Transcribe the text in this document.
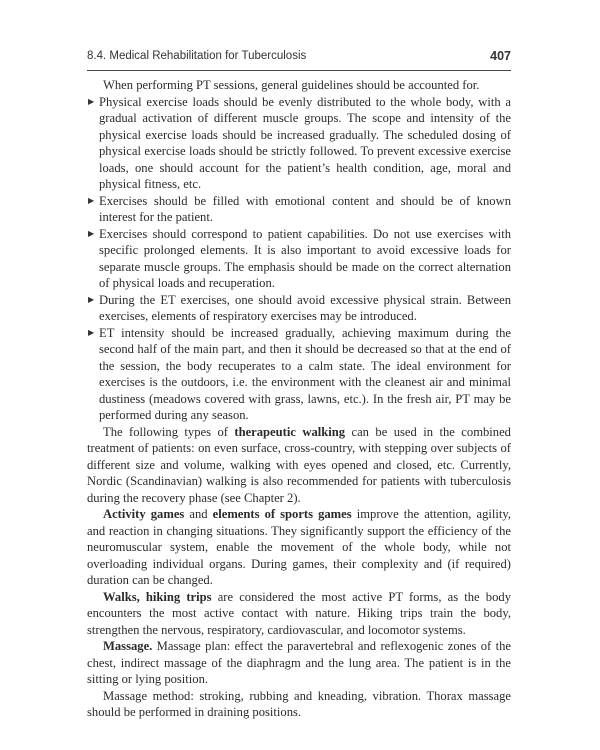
8.4. Medical Rehabilitation for Tuberculosis	407

When performing PT sessions, general guidelines should be accounted for.

▶ Physical exercise loads should be evenly distributed to the whole body, with a gradual activation of different muscle groups. The scope and intensity of the physical exercise loads should be increased gradually. The scheduled dosing of physical exercise loads should be strictly followed. To prevent excessive exercise loads, one should account for the patient’s health condition, age, moral and physical fitness, etc.
▶ Exercises should be filled with emotional content and should be of known interest for the patient.
▶ Exercises should correspond to patient capabilities. Do not use exercises with specific prolonged elements. It is also important to avoid excessive loads for separate muscle groups. The emphasis should be made on the correct alternation of physical loads and recuperation.
▶ During the ET exercises, one should avoid excessive physical strain. Between exercises, elements of respiratory exercises may be introduced.
▶ ET intensity should be increased gradually, achieving maximum during the second half of the main part, and then it should be decreased so that at the end of the session, the body recuperates to a calm state. The ideal environment for exercises is the outdoors, i.e. the environment with the cleanest air and minimal dustiness (meadows covered with grass, lawns, etc.). In the fresh air, PT may be performed during any season.

The following types of therapeutic walking can be used in the combined treatment of patients: on even surface, cross-country, with stepping over subjects of different size and volume, walking with eyes opened and closed, etc. Currently, Nordic (Scandinavian) walking is also recommended for patients with tuberculosis during the recovery phase (see Chapter 2).

Activity games and elements of sports games improve the attention, agility, and reaction in changing situations. They significantly support the efficiency of the neuromuscular system, enable the movement of the whole body, while not overloading individual organs. During games, their complexity and (if required) duration can be changed.

Walks, hiking trips are considered the most active PT forms, as the body encounters the most active contact with nature. Hiking trips train the body, strengthen the nervous, respiratory, cardiovascular, and locomotor systems.

Massage. Massage plan: effect the paravertebral and reflexogenic zones of the chest, indirect massage of the diaphragm and the lung area. The patient is in the sitting or lying position.

Massage method: stroking, rubbing and kneading, vibration. Thorax massage should be performed in draining positions.
